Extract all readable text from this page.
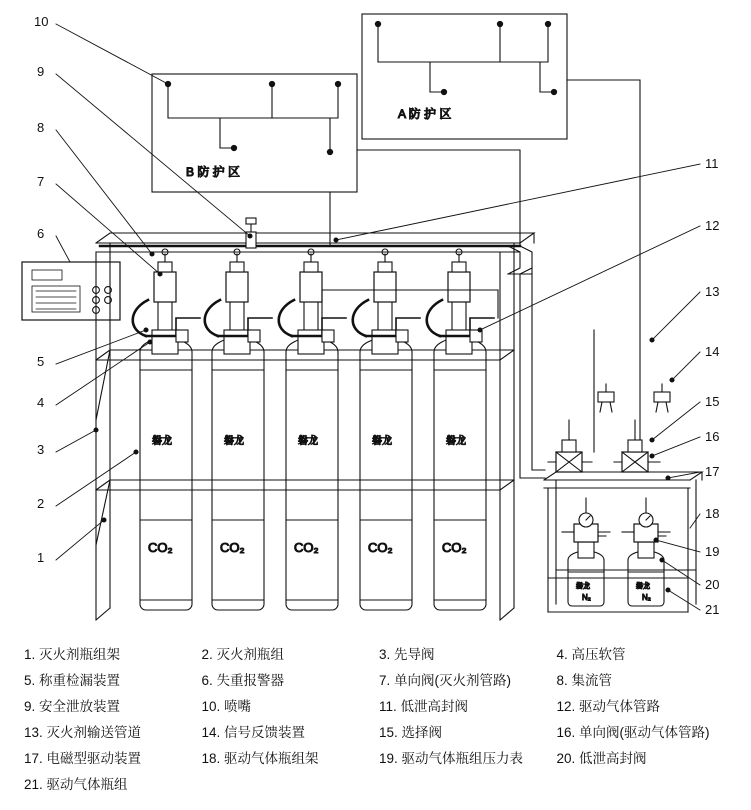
A 防 护 区
B 防 护 区
磐龙
CO₂
磐龙
CO₂
磐龙
CO₂
磐龙
CO₂
磐龙
CO₂
磐龙
N₂
磐龙
N₂
10
9
8
7
6
5
4
3
2
1
11
12
13
14
15
16
17
18
19
20
21
1. 灭火剂瓶组架	2. 灭火剂瓶组	3. 先导阀	4. 高压软管
5. 称重检漏装置	6. 失重报警器	7. 单向阀(灭火剂管路)	8. 集流管
9. 安全泄放装置	10. 喷嘴	11. 低泄高封阀	12. 驱动气体管路
13. 灭火剂输送管道	14. 信号反馈装置	15. 选择阀	16. 单向阀(驱动气体管路)
17. 电磁型驱动装置	18. 驱动气体瓶组架	19. 驱动气体瓶组压力表	20. 低泄高封阀
21. 驱动气体瓶组
